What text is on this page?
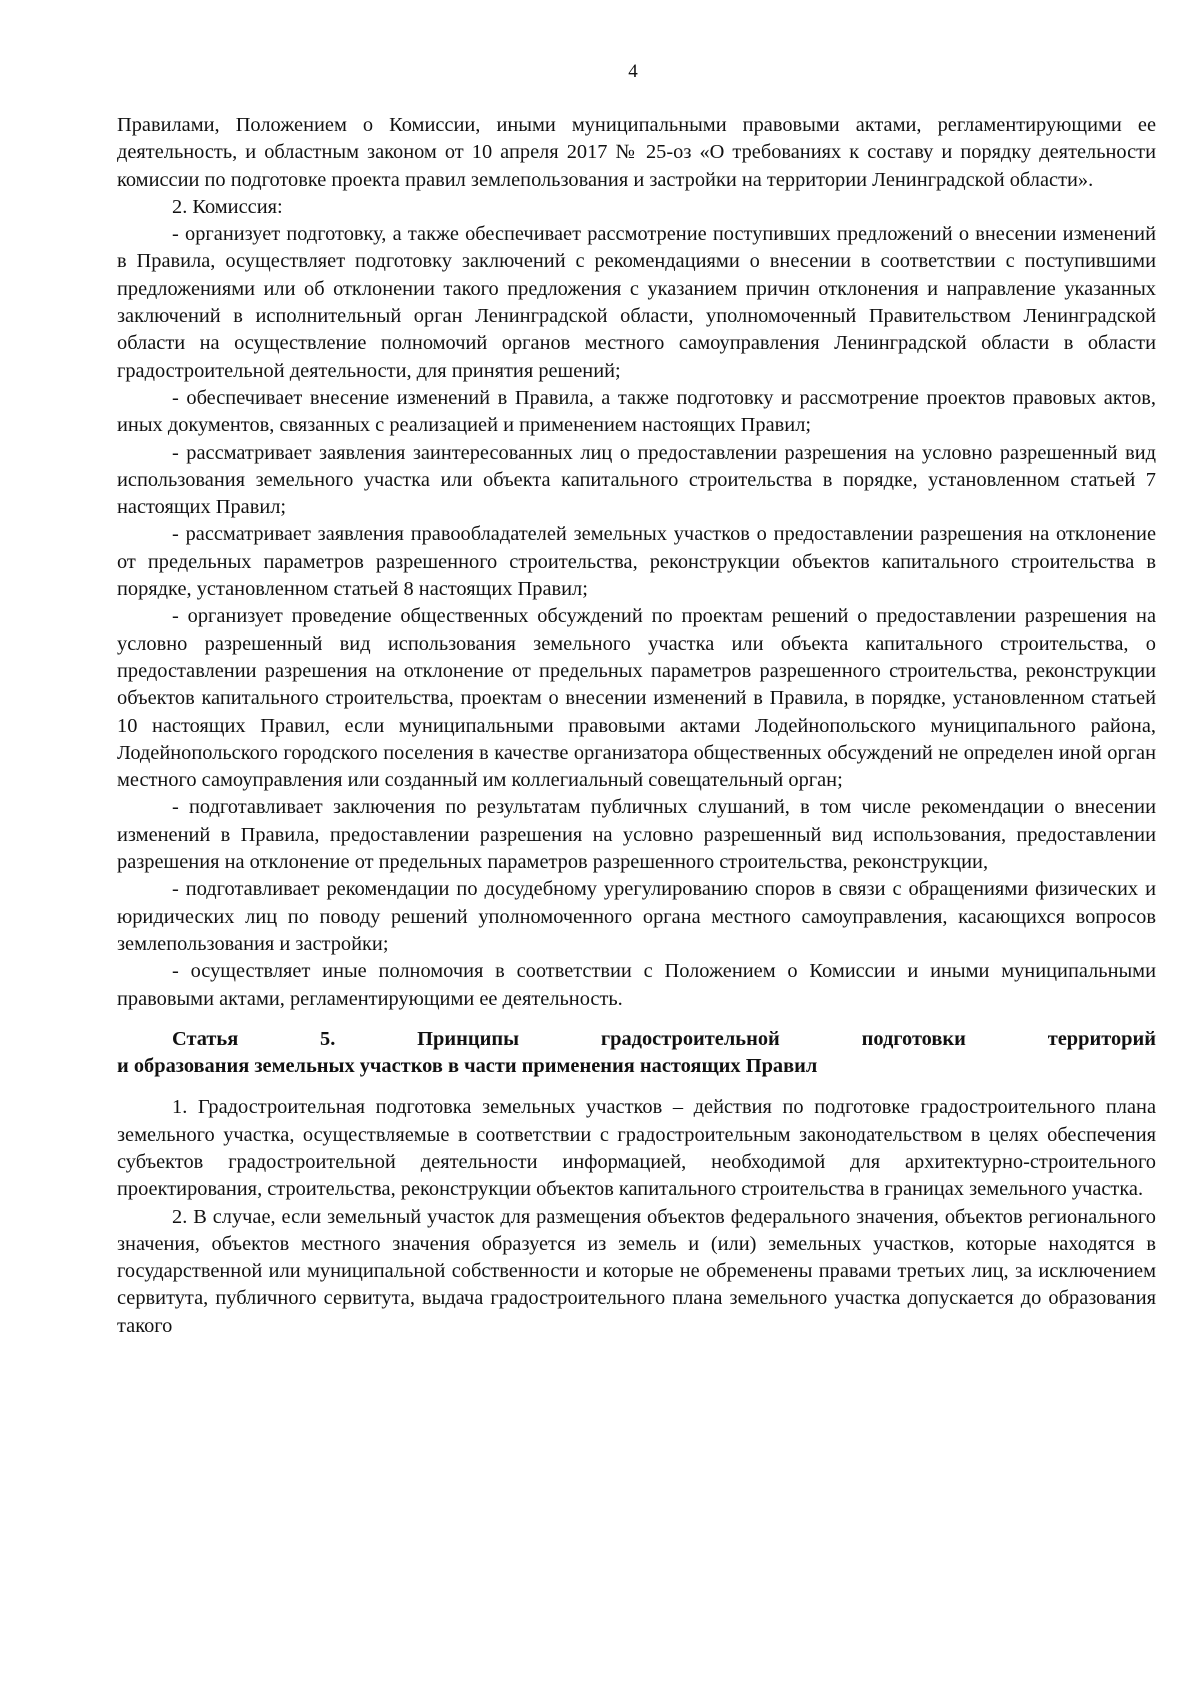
4

Правилами, Положением о Комиссии, иными муниципальными правовыми актами, регламентирующими ее деятельность, и областным законом от 10 апреля 2017 № 25-оз «О требованиях к составу и порядку деятельности комиссии по подготовке проекта правил землепользования и застройки на территории Ленинградской области».

2. Комиссия:

- организует подготовку, а также обеспечивает рассмотрение поступивших предложений о внесении изменений в Правила, осуществляет подготовку заключений с рекомендациями о внесении в соответствии с поступившими предложениями или об отклонении такого предложения с указанием причин отклонения и направление указанных заключений в исполнительный орган Ленинградской области, уполномоченный Правительством Ленинградской области на осуществление полномочий органов местного самоуправления Ленинградской области в области градостроительной деятельности, для принятия решений;

- обеспечивает внесение изменений в Правила, а также подготовку и рассмотрение проектов правовых актов, иных документов, связанных с реализацией и применением настоящих Правил;

- рассматривает заявления заинтересованных лиц о предоставлении разрешения на условно разрешенный вид использования земельного участка или объекта капитального строительства в порядке, установленном статьей 7 настоящих Правил;

- рассматривает заявления правообладателей земельных участков о предоставлении разрешения на отклонение от предельных параметров разрешенного строительства, реконструкции объектов капитального строительства в порядке, установленном статьей 8 настоящих Правил;

- организует проведение общественных обсуждений по проектам решений о предоставлении разрешения на условно разрешенный вид использования земельного участка или объекта капитального строительства, о предоставлении разрешения на отклонение от предельных параметров разрешенного строительства, реконструкции объектов капитального строительства, проектам о внесении изменений в Правила, в порядке, установленном статьей 10 настоящих Правил, если муниципальными правовыми актами Лодейнопольского муниципального района, Лодейнопольского городского поселения в качестве организатора общественных обсуждений не определен иной орган местного самоуправления или созданный им коллегиальный совещательный орган;

- подготавливает заключения по результатам публичных слушаний, в том числе рекомендации о внесении изменений в Правила, предоставлении разрешения на условно разрешенный вид использования, предоставлении разрешения на отклонение от предельных параметров разрешенного строительства, реконструкции,

- подготавливает рекомендации по досудебному урегулированию споров в связи с обращениями физических и юридических лиц по поводу решений уполномоченного органа местного самоуправления, касающихся вопросов землепользования и застройки;

- осуществляет иные полномочия в соответствии с Положением о Комиссии и иными муниципальными правовыми актами, регламентирующими ее деятельность.

Статья 5. Принципы градостроительной подготовки территорий
и образования земельных участков в части применения настоящих Правил

1. Градостроительная подготовка земельных участков – действия по подготовке градостроительного плана земельного участка, осуществляемые в соответствии с градостроительным законодательством в целях обеспечения субъектов градостроительной деятельности информацией, необходимой для архитектурно-строительного проектирования, строительства, реконструкции объектов капитального строительства в границах земельного участка.

2. В случае, если земельный участок для размещения объектов федерального значения, объектов регионального значения, объектов местного значения образуется из земель и (или) земельных участков, которые находятся в государственной или муниципальной собственности и которые не обременены правами третьих лиц, за исключением сервитута, публичного сервитута, выдача градостроительного плана земельного участка допускается до образования такого
